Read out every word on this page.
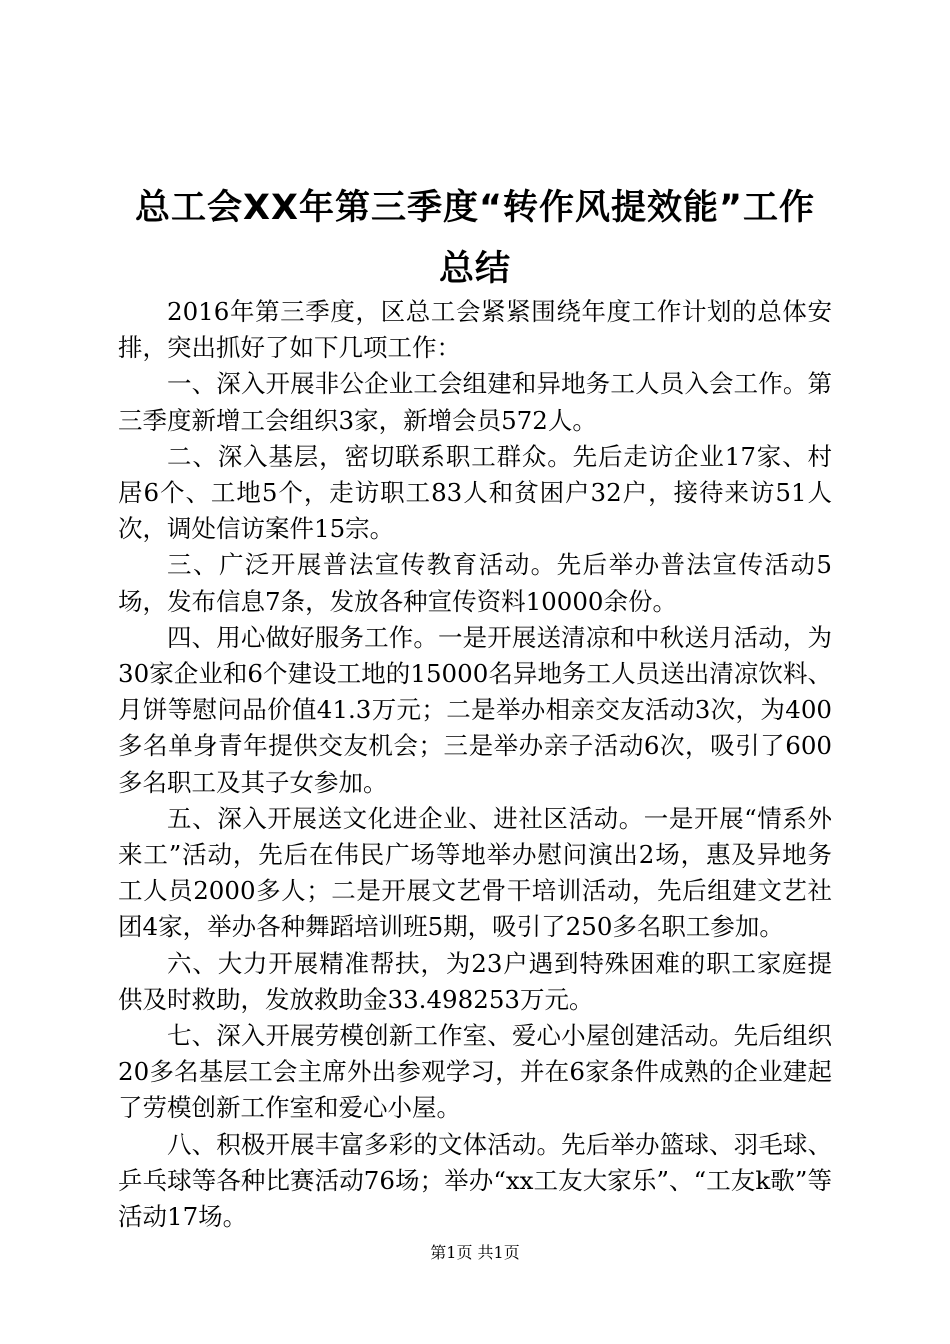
总工会XX年第三季度“转作风提效能”工作
总结

2016年第三季度，区总工会紧紧围绕年度工作计划的总体安排，突出抓好了如下几项工作：

一、深入开展非公企业工会组建和异地务工人员入会工作。第三季度新增工会组织3家，新增会员572人。

二、深入基层，密切联系职工群众。先后走访企业17家、村居6个、工地5个，走访职工83人和贫困户32户，接待来访51人次，调处信访案件15宗。

三、广泛开展普法宣传教育活动。先后举办普法宣传活动5场，发布信息7条，发放各种宣传资料10000余份。

四、用心做好服务工作。一是开展送清凉和中秋送月活动，为30家企业和6个建设工地的15000名异地务工人员送出清凉饮料、月饼等慰问品价值41.3万元；二是举办相亲交友活动3次，为400多名单身青年提供交友机会；三是举办亲子活动6次，吸引了600多名职工及其子女参加。

五、深入开展送文化进企业、进社区活动。一是开展“情系外来工”活动，先后在伟民广场等地举办慰问演出2场，惠及异地务工人员2000多人；二是开展文艺骨干培训活动，先后组建文艺社团4家，举办各种舞蹈培训班5期，吸引了250多名职工参加。

六、大力开展精准帮扶，为23户遇到特殊困难的职工家庭提供及时救助，发放救助金33.498253万元。

七、深入开展劳模创新工作室、爱心小屋创建活动。先后组织20多名基层工会主席外出参观学习，并在6家条件成熟的企业建起了劳模创新工作室和爱心小屋。

八、积极开展丰富多彩的文体活动。先后举办篮球、羽毛球、乒乓球等各种比赛活动76场；举办“xx工友大家乐”、“工友k歌”等活动17场。

第1页 共1页
